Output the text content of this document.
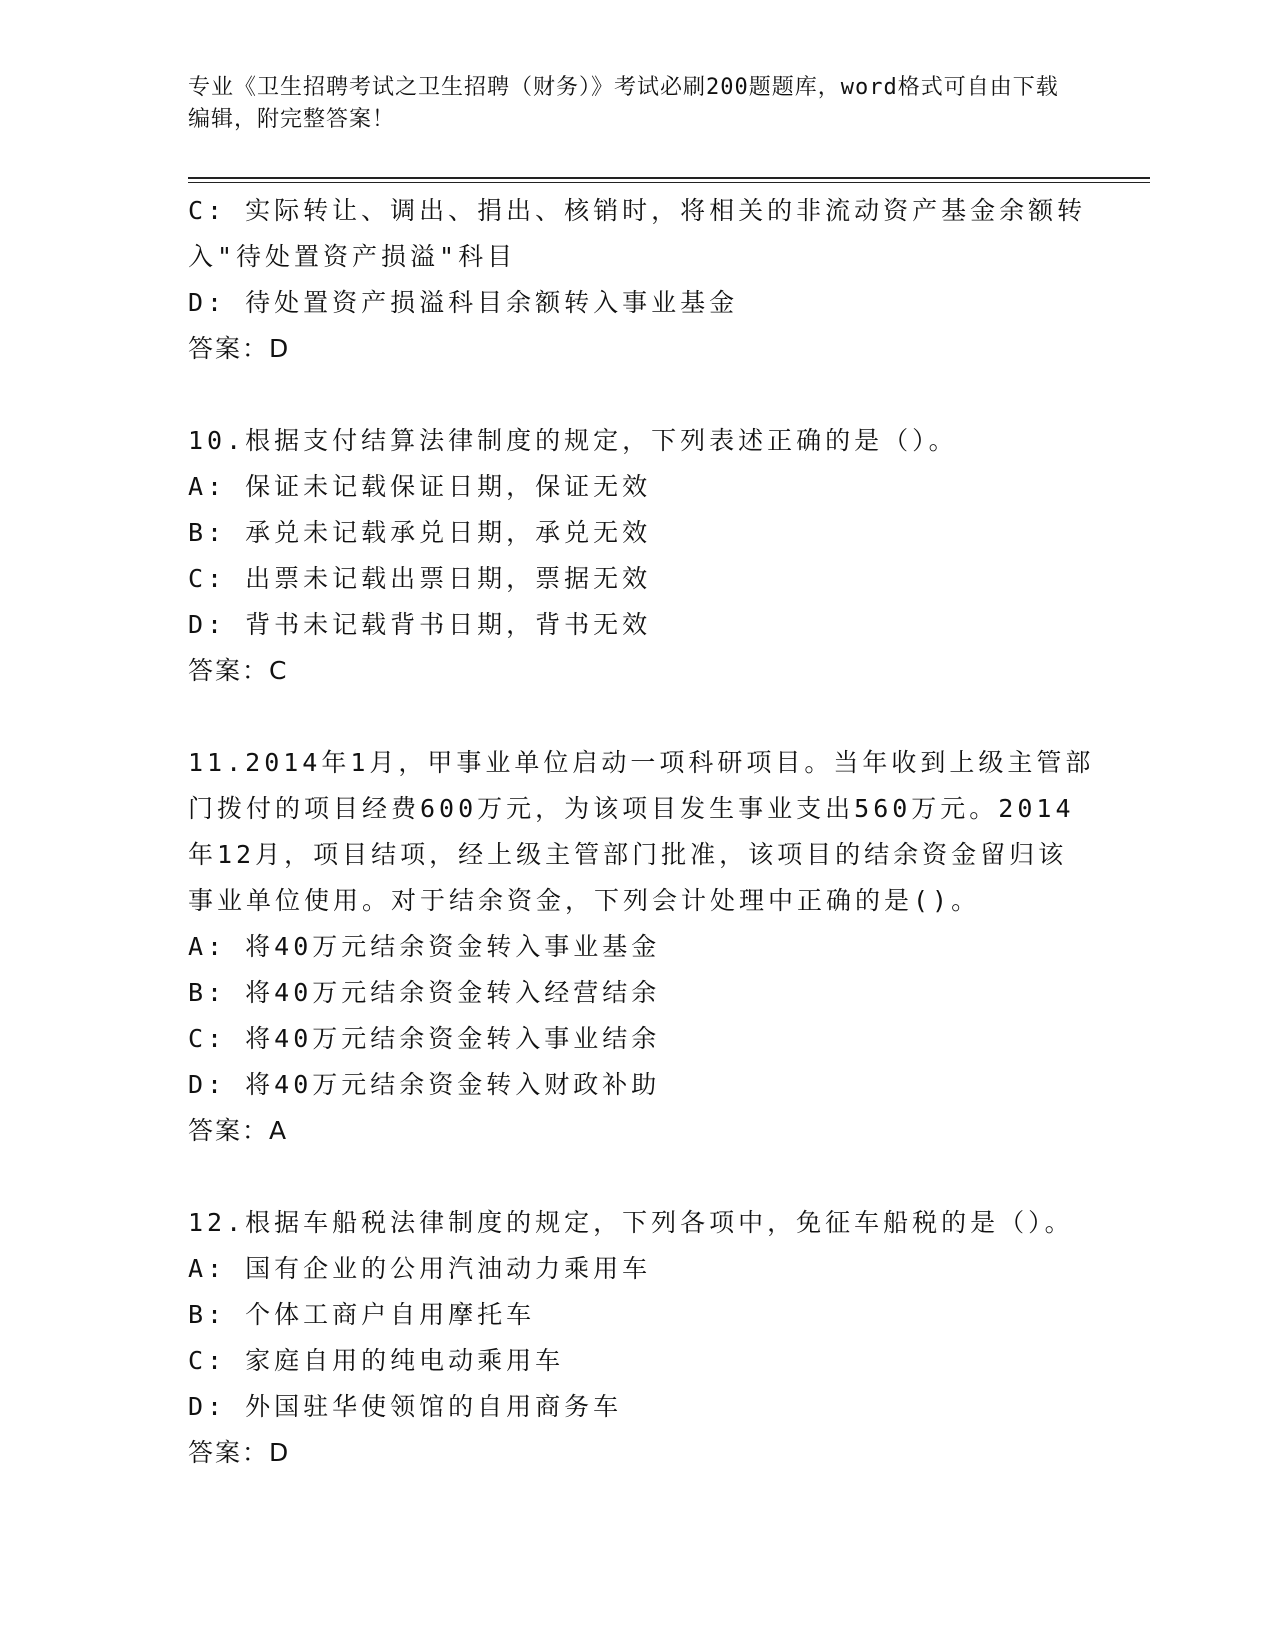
专业《卫生招聘考试之卫生招聘（财务）》考试必刷200题题库，word格式可自由下载编辑，附完整答案！
C: 实际转让、调出、捐出、核销时，将相关的非流动资产基金余额转
入"待处置资产损溢"科目
D: 待处置资产损溢科目余额转入事业基金
答案：D
10.根据支付结算法律制度的规定，下列表述正确的是（）。
A: 保证未记载保证日期，保证无效
B: 承兑未记载承兑日期，承兑无效
C: 出票未记载出票日期，票据无效
D: 背书未记载背书日期，背书无效
答案：C
11.2014年1月，甲事业单位启动一项科研项目。当年收到上级主管部
门拨付的项目经费600万元，为该项目发生事业支出560万元。2014
年12月，项目结项，经上级主管部门批准，该项目的结余资金留归该
事业单位使用。对于结余资金，下列会计处理中正确的是()。
A: 将40万元结余资金转入事业基金
B: 将40万元结余资金转入经营结余
C: 将40万元结余资金转入事业结余
D: 将40万元结余资金转入财政补助
答案：A
12.根据车船税法律制度的规定，下列各项中，免征车船税的是（）。
A: 国有企业的公用汽油动力乘用车
B: 个体工商户自用摩托车
C: 家庭自用的纯电动乘用车
D: 外国驻华使领馆的自用商务车
答案：D
